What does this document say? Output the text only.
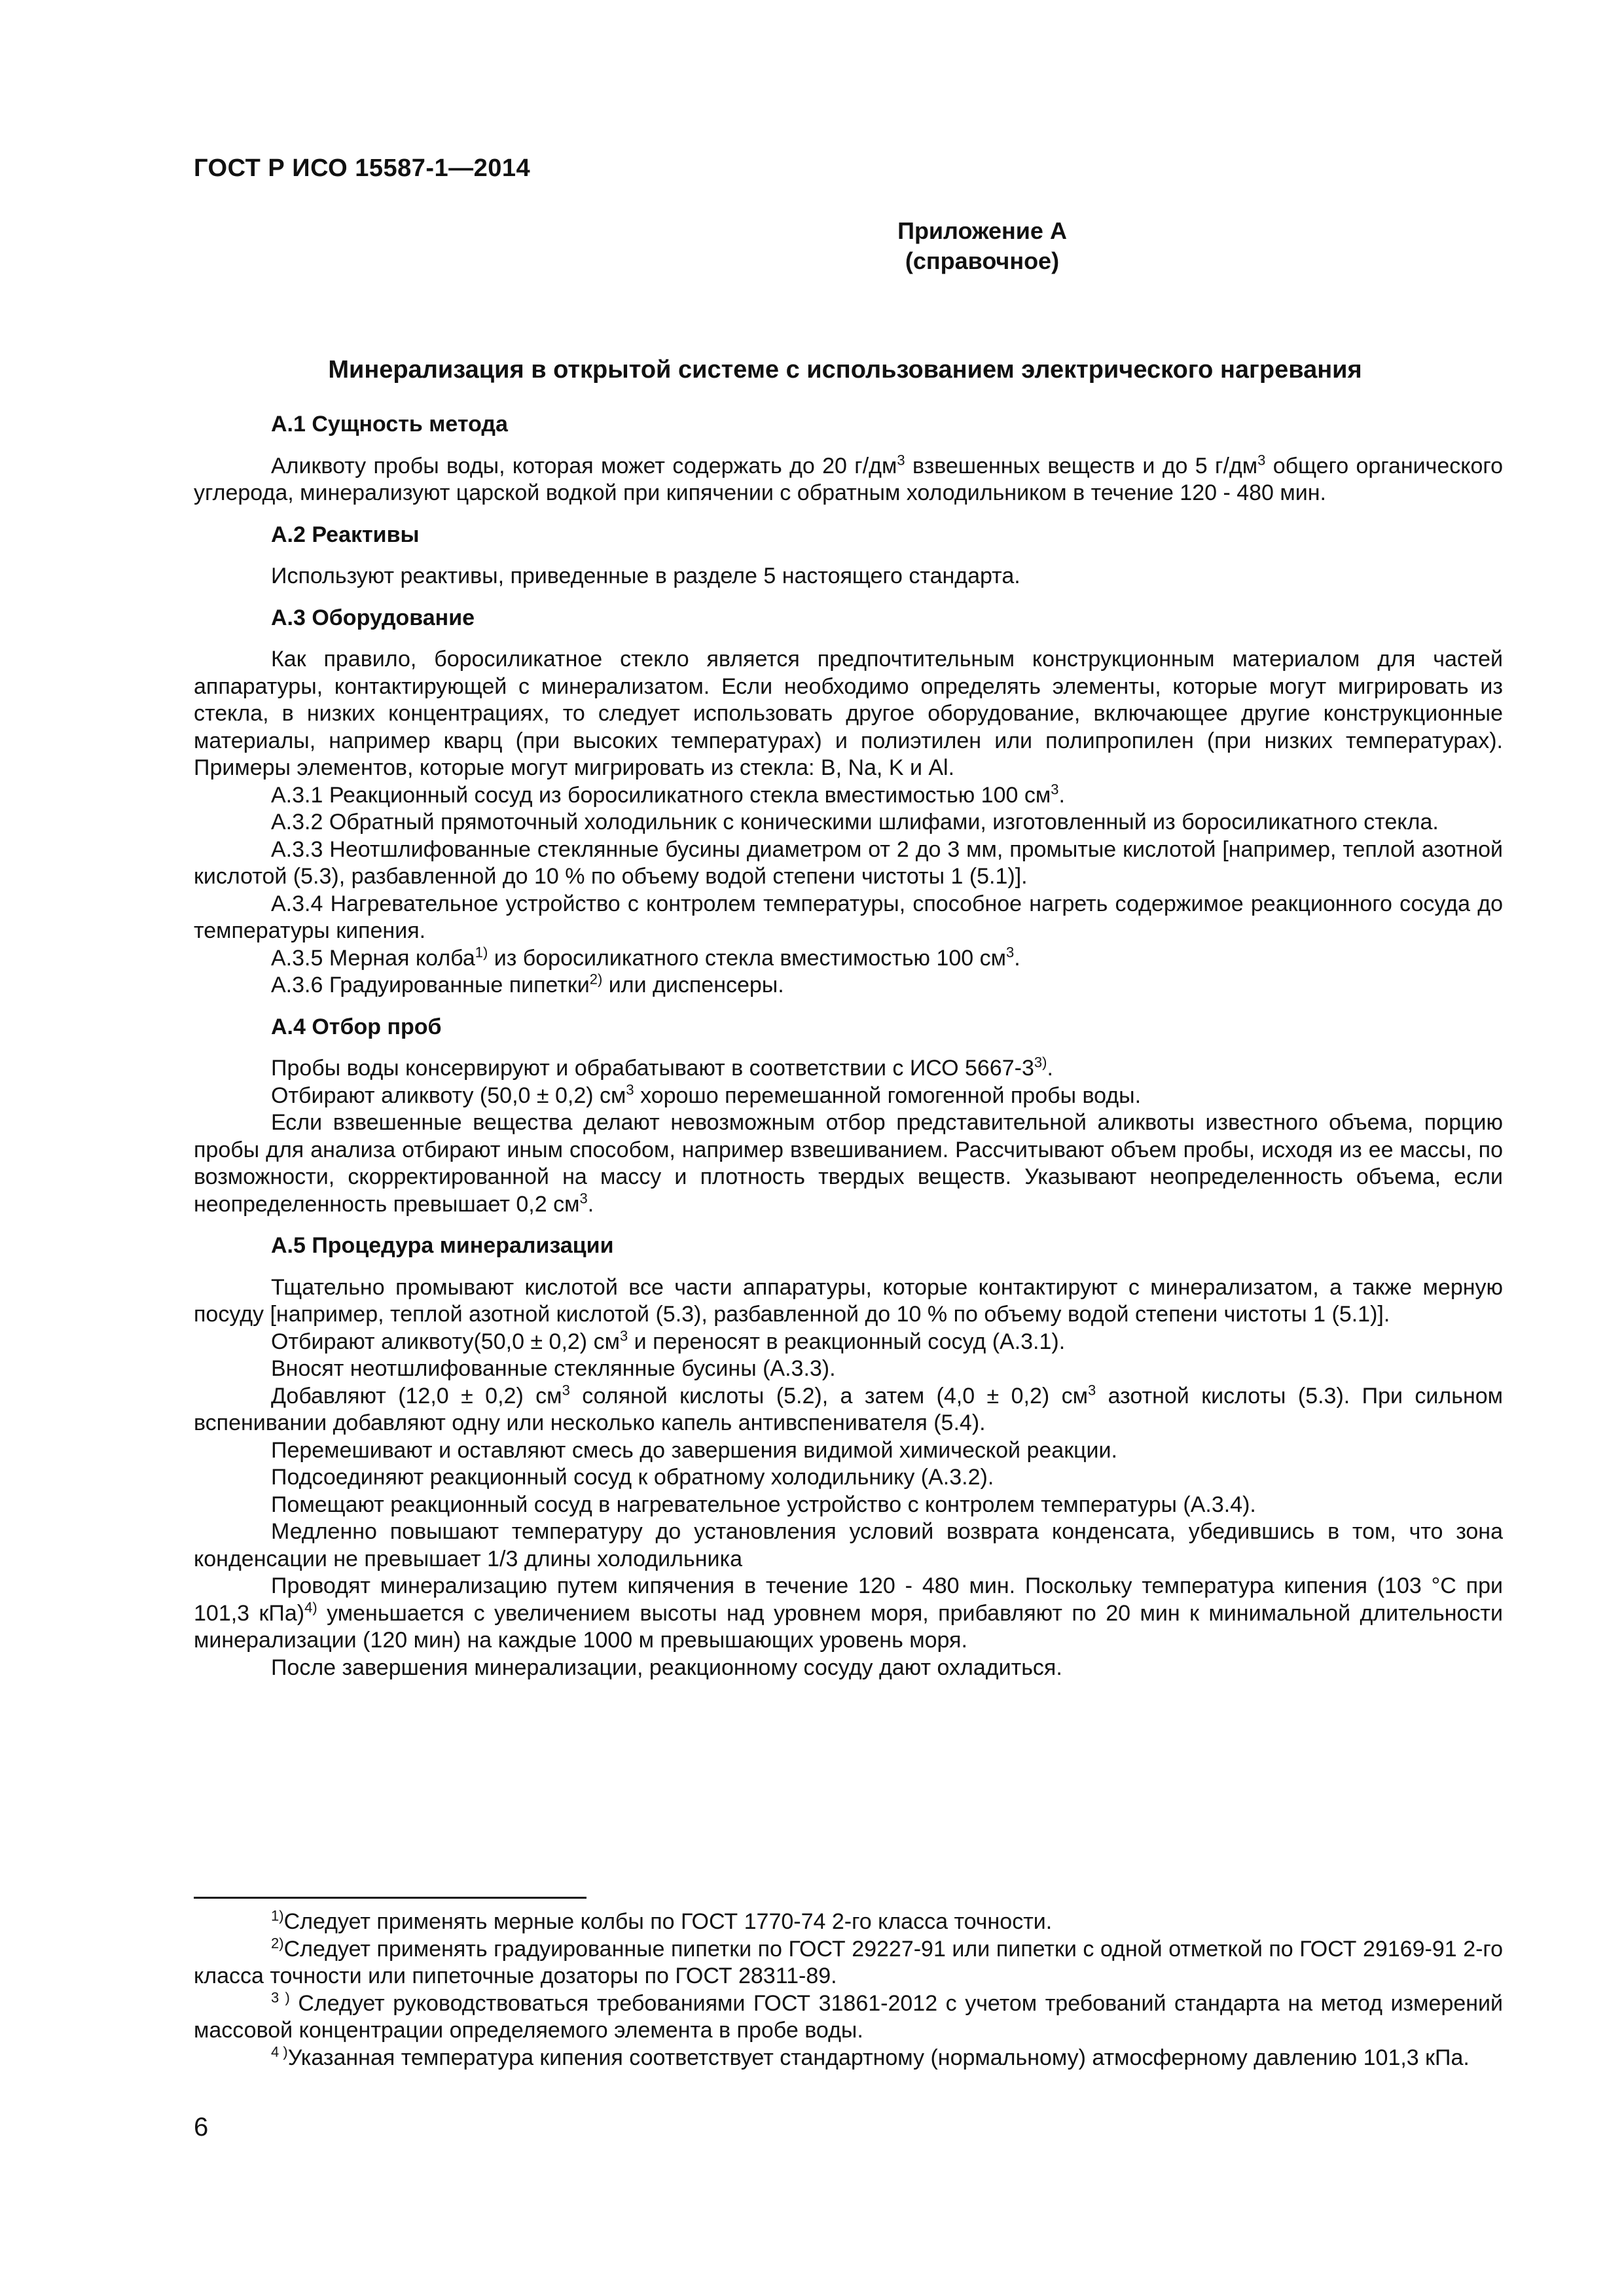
ГОСТ Р ИСО 15587-1—2014
Приложение А
(справочное)
Минерализация в открытой системе с использованием электрического нагревания
А.1 Сущность метода

Аликвоту пробы воды, которая может содержать до 20 $г/дм^3$ взвешенных веществ и до 5 $г/дм^3$ общего органического углерода, минерализуют царской водкой при кипячении с обратным холодильником в течение 120 - 480 мин.

А.2 Реактивы

Используют реактивы, приведенные в разделе 5 настоящего стандарта.

А.3 Оборудование

Как правило, боросиликатное стекло является предпочтительным конструкционным материалом для частей аппаратуры, контактирующей с минерализатом. Если необходимо определять элементы, которые могут мигрировать из стекла, в низких концентрациях, то следует использовать другое оборудование, включающее другие конструкционные материалы, например кварц (при высоких температурах) и полиэтилен или полипропилен (при низких температурах). Примеры элементов, которые могут мигрировать из стекла: B, Na, K и Al.

А.3.1 Реакционный сосуд из боросиликатного стекла вместимостью 100 $см^3$.

А.3.2 Обратный прямоточный холодильник с коническими шлифами, изготовленный из боросиликатного стекла.

А.3.3 Неотшлифованные стеклянные бусины диаметром от 2 до 3 мм, промытые кислотой [например, теплой азотной кислотой (5.3), разбавленной до 10 % по объему водой степени чистоты 1 (5.1)].

А.3.4 Нагревательное устройство с контролем температуры, способное нагреть содержимое реакционного сосуда до температуры кипения.

А.3.5 Мерная колба$^{1)}$ из боросиликатного стекла вместимостью 100 $см^3$.

А.3.6 Градуированные пипетки$^{2)}$ или диспенсеры.

А.4 Отбор проб

Пробы воды консервируют и обрабатывают в соответствии с ИСО 5667-3$^{3)}$.

Отбирают аликвоту (50,0 ± 0,2) $см^3$ хорошо перемешанной гомогенной пробы воды.

Если взвешенные вещества делают невозможным отбор представительной аликвоты известного объема, порцию пробы для анализа отбирают иным способом, например взвешиванием. Рассчитывают объем пробы, исходя из ее массы, по возможности, скорректированной на массу и плотность твердых веществ. Указывают неопределенность объема, если неопределенность превышает 0,2 $см^3$.

А.5 Процедура минерализации

Тщательно промывают кислотой все части аппаратуры, которые контактируют с минерализатом, а также мерную посуду [например, теплой азотной кислотой (5.3), разбавленной до 10 % по объему водой степени чистоты 1 (5.1)].

Отбирают аликвоту(50,0 ± 0,2) $см^3$ и переносят в реакционный сосуд (А.3.1).

Вносят неотшлифованные стеклянные бусины (А.3.3).

Добавляют (12,0 ± 0,2) $см^3$ соляной кислоты (5.2), а затем (4,0 ± 0,2) $см^3$ азотной кислоты (5.3). При сильном вспенивании добавляют одну или несколько капель антивспенивателя (5.4).

Перемешивают и оставляют смесь до завершения видимой химической реакции.

Подсоединяют реакционный сосуд к обратному холодильнику (А.3.2).

Помещают реакционный сосуд в нагревательное устройство с контролем температуры (А.3.4).

Медленно повышают температуру до установления условий возврата конденсата, убедившись в том, что зона конденсации не превышает 1/3 длины холодильника

Проводят минерализацию путем кипячения в течение 120 - 480 мин. Поскольку температура кипения (103 °С при 101,3 кПа)$^{4)}$ уменьшается с увеличением высоты над уровнем моря, прибавляют по 20 мин к минимальной длительности минерализации (120 мин) на каждые 1000 м превышающих уровень моря.

После завершения минерализации, реакционному сосуду дают охладиться.

$^{1)}$Следует применять мерные колбы по ГОСТ 1770-74 2-го класса точности.

$^{2)}$Следует применять градуированные пипетки по ГОСТ 29227-91 или пипетки с одной отметкой по ГОСТ 29169-91 2-го класса точности или пипеточные дозаторы по ГОСТ 28311-89.

$^{3 )}$ Следует руководствоваться требованиями ГОСТ 31861-2012 с учетом требований стандарта на метод измерений массовой концентрации определяемого элемента в пробе воды.

$^{4 )}$Указанная температура кипения соответствует стандартному (нормальному) атмосферному давлению 101,3 кПа.

6
